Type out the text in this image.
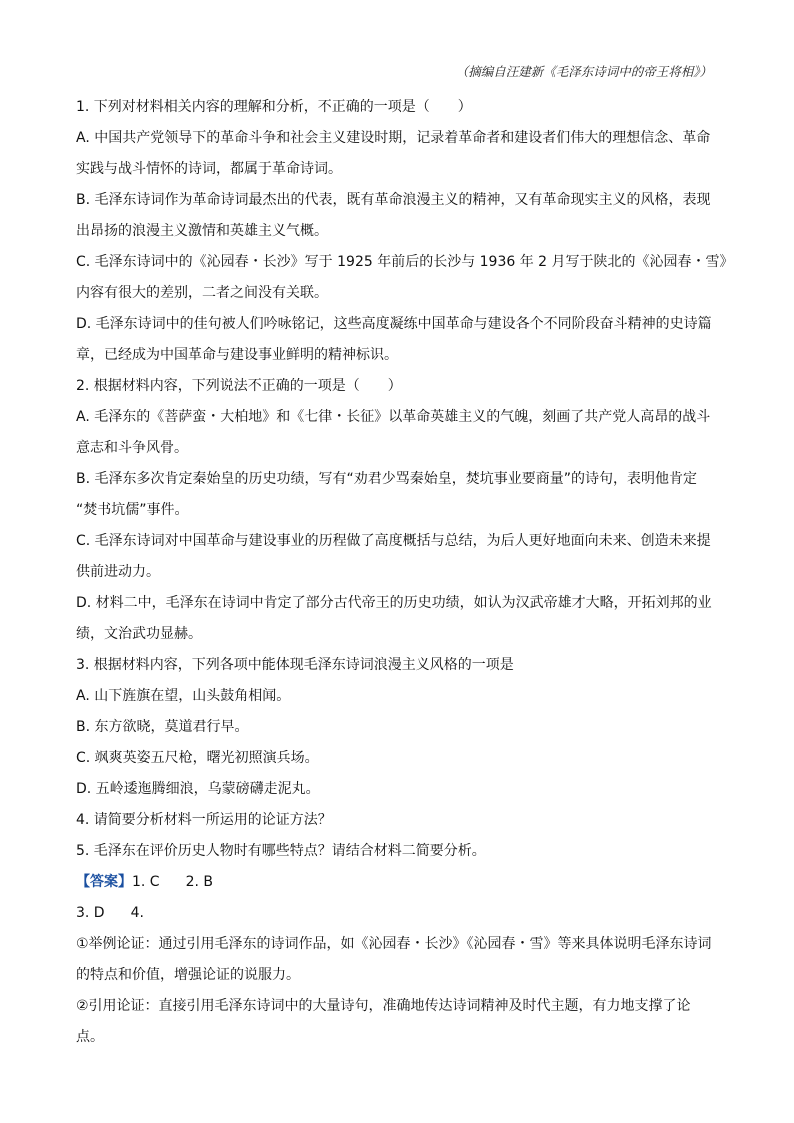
（摘编自汪建新《毛泽东诗词中的帝王将相》）
1. 下列对材料相关内容的理解和分析，不正确的一项是（　　）
A. 中国共产党领导下的革命斗争和社会主义建设时期，记录着革命者和建设者们伟大的理想信念、革命
实践与战斗情怀的诗词，都属于革命诗词。
B. 毛泽东诗词作为革命诗词最杰出的代表，既有革命浪漫主义的精神，又有革命现实主义的风格，表现
出昂扬的浪漫主义激情和英雄主义气概。
C. 毛泽东诗词中的《沁园春・长沙》写于 1925 年前后的长沙与 1936 年 2 月写于陕北的《沁园春・雪》
内容有很大的差别，二者之间没有关联。
D. 毛泽东诗词中的佳句被人们吟咏铭记，这些高度凝练中国革命与建设各个不同阶段奋斗精神的史诗篇
章，已经成为中国革命与建设事业鲜明的精神标识。
2. 根据材料内容，下列说法不正确的一项是（　　）
A. 毛泽东的《菩萨蛮・大柏地》和《七律・长征》以革命英雄主义的气魄，刻画了共产党人高昂的战斗
意志和斗争风骨。
B. 毛泽东多次肯定秦始皇的历史功绩，写有“劝君少骂秦始皇，焚坑事业要商量”的诗句，表明他肯定
“焚书坑儒”事件。
C. 毛泽东诗词对中国革命与建设事业的历程做了高度概括与总结，为后人更好地面向未来、创造未来提
供前进动力。
D. 材料二中，毛泽东在诗词中肯定了部分古代帝王的历史功绩，如认为汉武帝雄才大略，开拓刘邦的业
绩，文治武功显赫。
3. 根据材料内容，下列各项中能体现毛泽东诗词浪漫主义风格的一项是
A. 山下旌旗在望，山头鼓角相闻。
B. 东方欲晓，莫道君行早。
C. 飒爽英姿五尺枪，曙光初照演兵场。
D. 五岭逶迤腾细浪，乌蒙磅礴走泥丸。
4. 请简要分析材料一所运用的论证方法？
5. 毛泽东在评价历史人物时有哪些特点？请结合材料二简要分析。
【答案】1. C 2. B
3. D 4.
①举例论证：通过引用毛泽东的诗词作品，如《沁园春・长沙》《沁园春・雪》等来具体说明毛泽东诗词
的特点和价值，增强论证的说服力。
②引用论证：直接引用毛泽东诗词中的大量诗句，准确地传达诗词精神及时代主题，有力地支撑了论
点。
